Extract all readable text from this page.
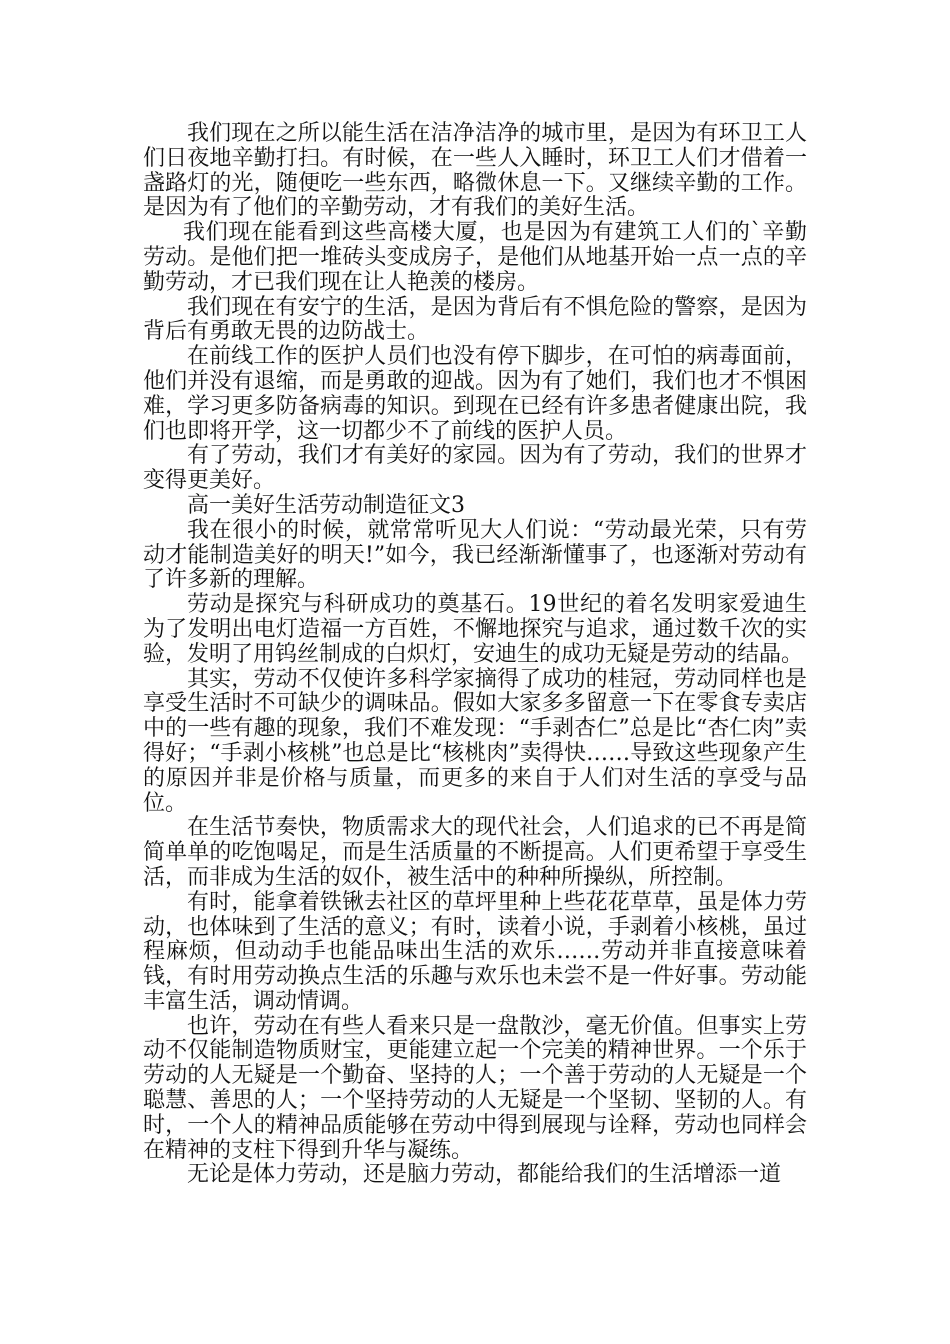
我们现在之所以能生活在洁净洁净的城市里，是因为有环卫工人们日夜地辛勤打扫。有时候，在一些人入睡时，环卫工人们才借着一盏路灯的光，随便吃一些东西，略微休息一下。又继续辛勤的工作。是因为有了他们的辛勤劳动，才有我们的美好生活。

我们现在能看到这些高楼大厦，也是因为有建筑工人们的`辛勤劳动。是他们把一堆砖头变成房子，是他们从地基开始一点一点的辛勤劳动，才已我们现在让人艳羡的楼房。

我们现在有安宁的生活，是因为背后有不惧危险的警察，是因为背后有勇敢无畏的边防战士。

在前线工作的医护人员们也没有停下脚步，在可怕的病毒面前，他们并没有退缩，而是勇敢的迎战。因为有了她们，我们也才不惧困难，学习更多防备病毒的知识。到现在已经有许多患者健康出院，我们也即将开学，这一切都少不了前线的医护人员。

有了劳动，我们才有美好的家园。因为有了劳动，我们的世界才变得更美好。

高一美好生活劳动制造征文3

我在很小的时候，就常常听见大人们说：“劳动最光荣，只有劳动才能制造美好的明天!”如今，我已经渐渐懂事了，也逐渐对劳动有了许多新的理解。

劳动是探究与科研成功的奠基石。19世纪的着名发明家爱迪生为了发明出电灯造福一方百姓，不懈地探究与追求，通过数千次的实验，发明了用钨丝制成的白炽灯，安迪生的成功无疑是劳动的结晶。

其实，劳动不仅使许多科学家摘得了成功的桂冠，劳动同样也是享受生活时不可缺少的调味品。假如大家多多留意一下在零食专卖店中的一些有趣的现象，我们不难发现：“手剥杏仁”总是比“杏仁肉”卖得好；“手剥小核桃”也总是比“核桃肉”卖得快……导致这些现象产生的原因并非是价格与质量，而更多的来自于人们对生活的享受与品位。

在生活节奏快，物质需求大的现代社会，人们追求的已不再是简简单单的吃饱喝足，而是生活质量的不断提高。人们更希望于享受生活，而非成为生活的奴仆，被生活中的种种所操纵，所控制。

有时，能拿着铁锹去社区的草坪里种上些花花草草，虽是体力劳动，也体味到了生活的意义；有时，读着小说，手剥着小核桃，虽过程麻烦，但动动手也能品味出生活的欢乐……劳动并非直接意味着钱，有时用劳动换点生活的乐趣与欢乐也未尝不是一件好事。劳动能丰富生活，调动情调。

也许，劳动在有些人看来只是一盘散沙，毫无价值。但事实上劳动不仅能制造物质财宝，更能建立起一个完美的精神世界。一个乐于劳动的人无疑是一个勤奋、坚持的人；一个善于劳动的人无疑是一个聪慧、善思的人；一个坚持劳动的人无疑是一个坚韧、坚韧的人。有时，一个人的精神品质能够在劳动中得到展现与诠释，劳动也同样会在精神的支柱下得到升华与凝练。

无论是体力劳动，还是脑力劳动，都能给我们的生活增添一道
